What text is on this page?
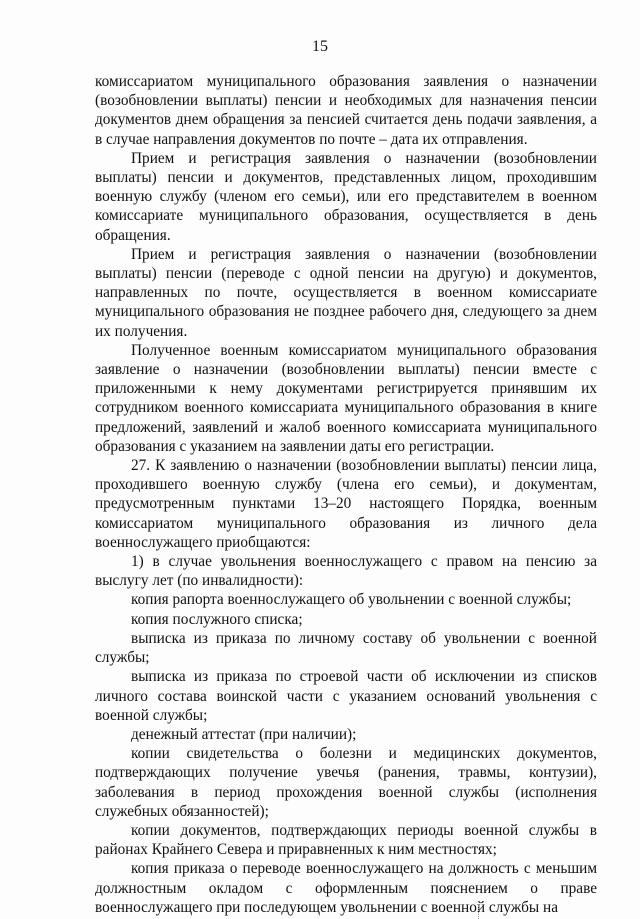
15

комиссариатом муниципального образования заявления о назначении (возобновлении выплаты) пенсии и необходимых для назначения пенсии документов днем обращения за пенсией считается день подачи заявления, а в случае направления документов по почте – дата их отправления.

Прием и регистрация заявления о назначении (возобновлении выплаты) пенсии и документов, представленных лицом, проходившим военную службу (членом его семьи), или его представителем в военном комиссариате муниципального образования, осуществляется в день обращения.

Прием и регистрация заявления о назначении (возобновлении выплаты) пенсии (переводе с одной пенсии на другую) и документов, направленных по почте, осуществляется в военном комиссариате муниципального образования не позднее рабочего дня, следующего за днем их получения.

Полученное военным комиссариатом муниципального образования заявление о назначении (возобновлении выплаты) пенсии вместе с приложенными к нему документами регистрируется принявшим их сотрудником военного комиссариата муниципального образования в книге предложений, заявлений и жалоб военного комиссариата муниципального образования с указанием на заявлении даты его регистрации.

27. К заявлению о назначении (возобновлении выплаты) пенсии лица, проходившего военную службу (члена его семьи), и документам, предусмотренным пунктами 13–20 настоящего Порядка, военным комиссариатом муниципального образования из личного дела военнослужащего приобщаются:

1) в случае увольнения военнослужащего с правом на пенсию за выслугу лет (по инвалидности):

копия рапорта военнослужащего об увольнении с военной службы;

копия послужного списка;

выписка из приказа по личному составу об увольнении с военной службы;

выписка из приказа по строевой части об исключении из списков личного состава воинской части с указанием оснований увольнения с военной службы;

денежный аттестат (при наличии);

копии свидетельства о болезни и медицинских документов, подтверждающих получение увечья (ранения, травмы, контузии), заболевания в период прохождения военной службы (исполнения служебных обязанностей);

копии документов, подтверждающих периоды военной службы в районах Крайнего Севера и приравненных к ним местностях;

копия приказа о переводе военнослужащего на должность с меньшим должностным окладом с оформленным пояснением о праве военнослужащего при последующем увольнении с военной службы на
